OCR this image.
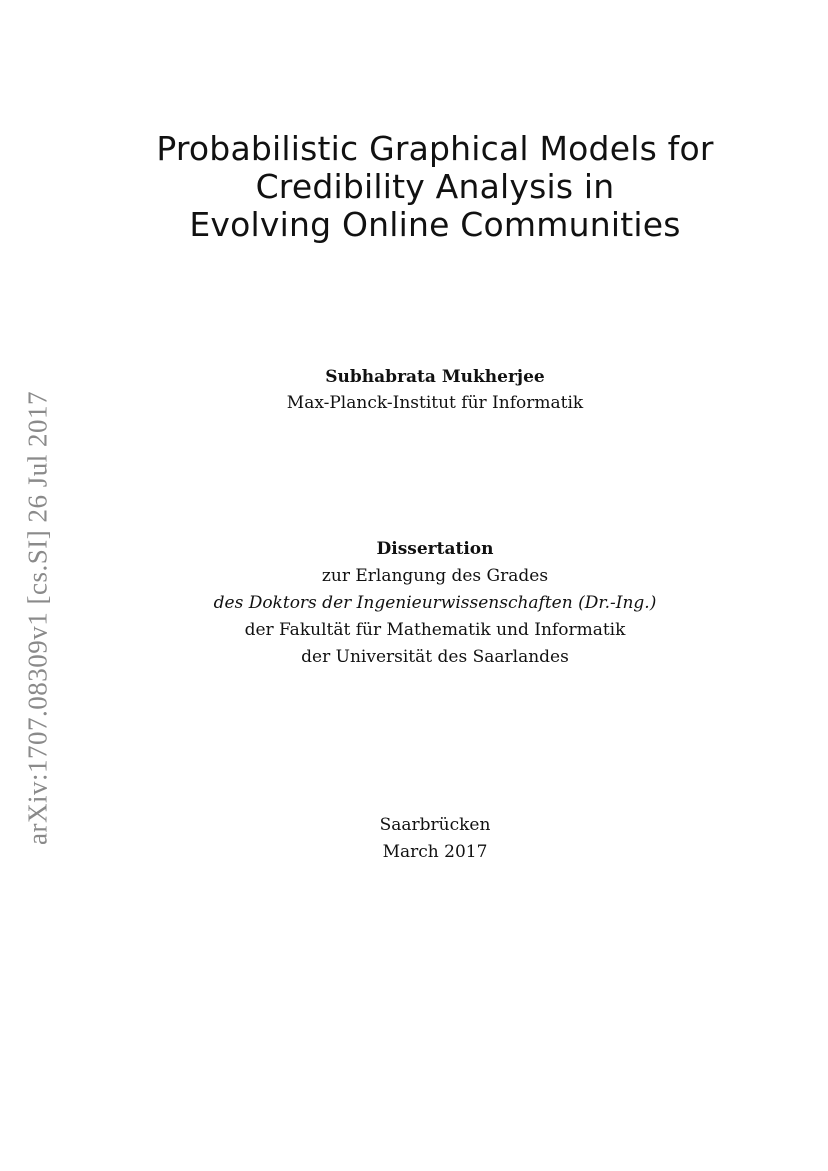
arXiv:1707.08309v1 [cs.SI] 26 Jul 2017
Probabilistic Graphical Models for
Credibility Analysis in
Evolving Online Communities
Subhabrata Mukherjee
Max-Planck-Institut für Informatik
Dissertation
zur Erlangung des Grades
des Doktors der Ingenieurwissenschaften (Dr.-Ing.)
der Fakultät für Mathematik und Informatik
der Universität des Saarlandes
Saarbrücken
March 2017
